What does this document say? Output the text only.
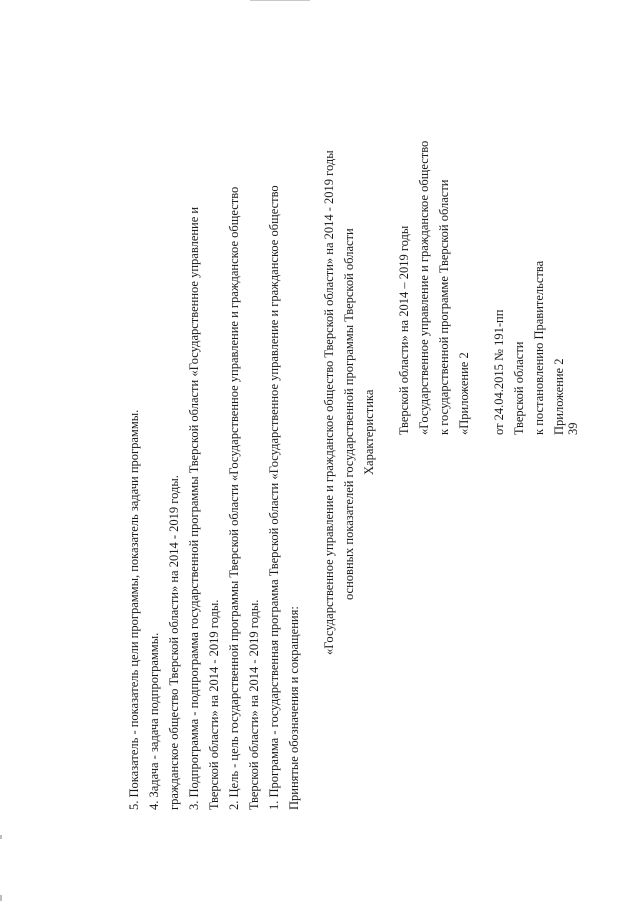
39
Приложение 2
к постановлению Правительства
Тверской области
от 24.04.2015 № 191-пп
«Приложение 2
к государственной программе Тверской области
«Государственное управление и гражданское общество
Тверской области» на 2014 – 2019 годы
Характеристика
основных показателей государственной программы Тверской области
«Государственное управление и гражданское общество Тверской области» на 2014 - 2019 годы
Принятые обозначения и сокращения:
1. Программа - государственная программа Тверской области «Государственное управление и гражданское общество
Тверской области» на 2014 - 2019 годы.
2. Цель - цель государственной программы Тверской области «Государственное управление и гражданское общество
Тверской области» на 2014 - 2019 годы.
3. Подпрограмма - подпрограмма государственной программы Тверской области «Государственное управление и
гражданское общество Тверской области» на 2014 - 2019 годы.
4. Задача - задача подпрограммы.
5. Показатель - показатель цели программы, показатель задачи программы.
